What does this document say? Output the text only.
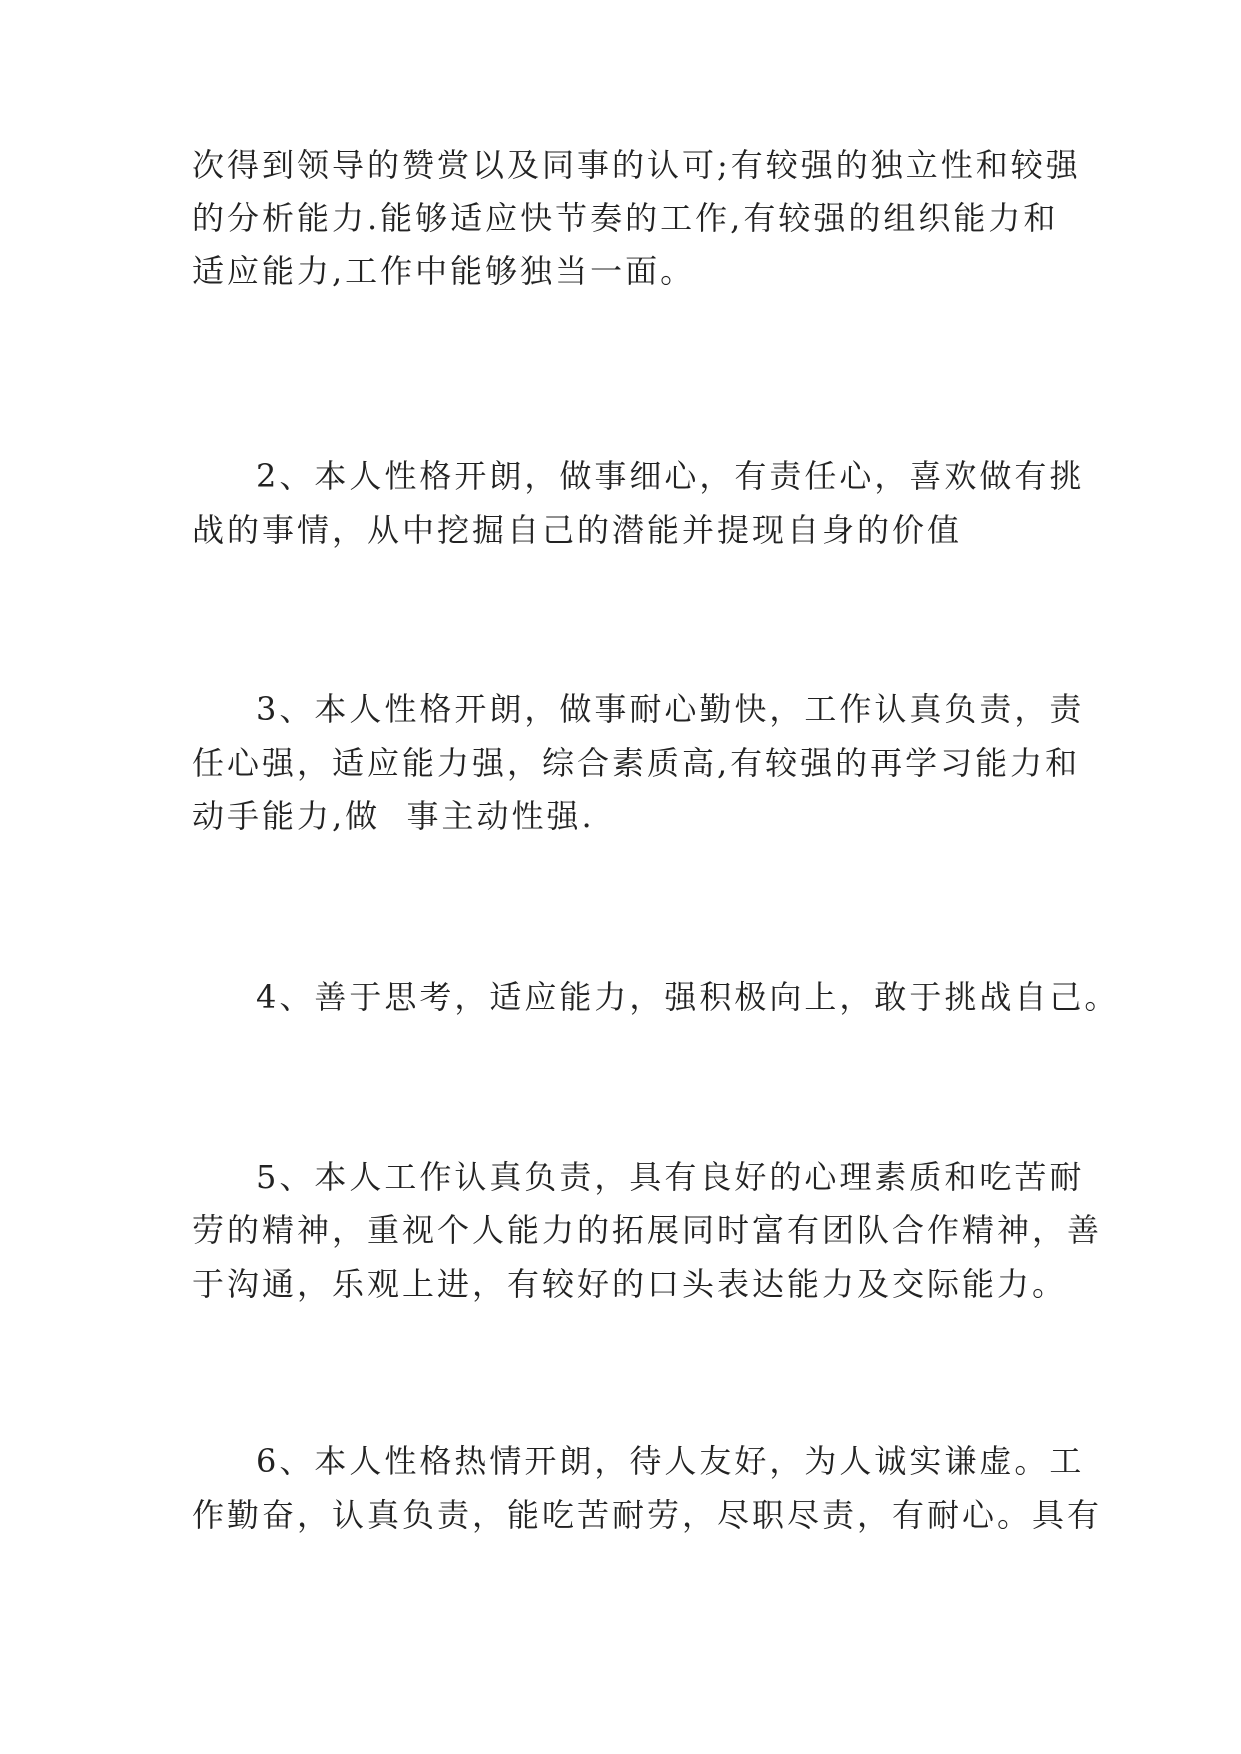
次得到领导的赞赏以及同事的认可;有较强的独立性和较强

的分析能力.能够适应快节奏的工作,有较强的组织能力和

适应能力,工作中能够独当一面。

2、本人性格开朗，做事细心，有责任心，喜欢做有挑

战的事情，从中挖掘自己的潜能并提现自身的价值

3、本人性格开朗，做事耐心勤快，工作认真负责，责

任心强，适应能力强，综合素质高,有较强的再学习能力和

动手能力,做  事主动性强.

4、善于思考，适应能力，强积极向上，敢于挑战自己。

5、本人工作认真负责，具有良好的心理素质和吃苦耐

劳的精神，重视个人能力的拓展同时富有团队合作精神，善

于沟通，乐观上进，有较好的口头表达能力及交际能力。

6、本人性格热情开朗，待人友好，为人诚实谦虚。工

作勤奋，认真负责，能吃苦耐劳，尽职尽责，有耐心。具有
